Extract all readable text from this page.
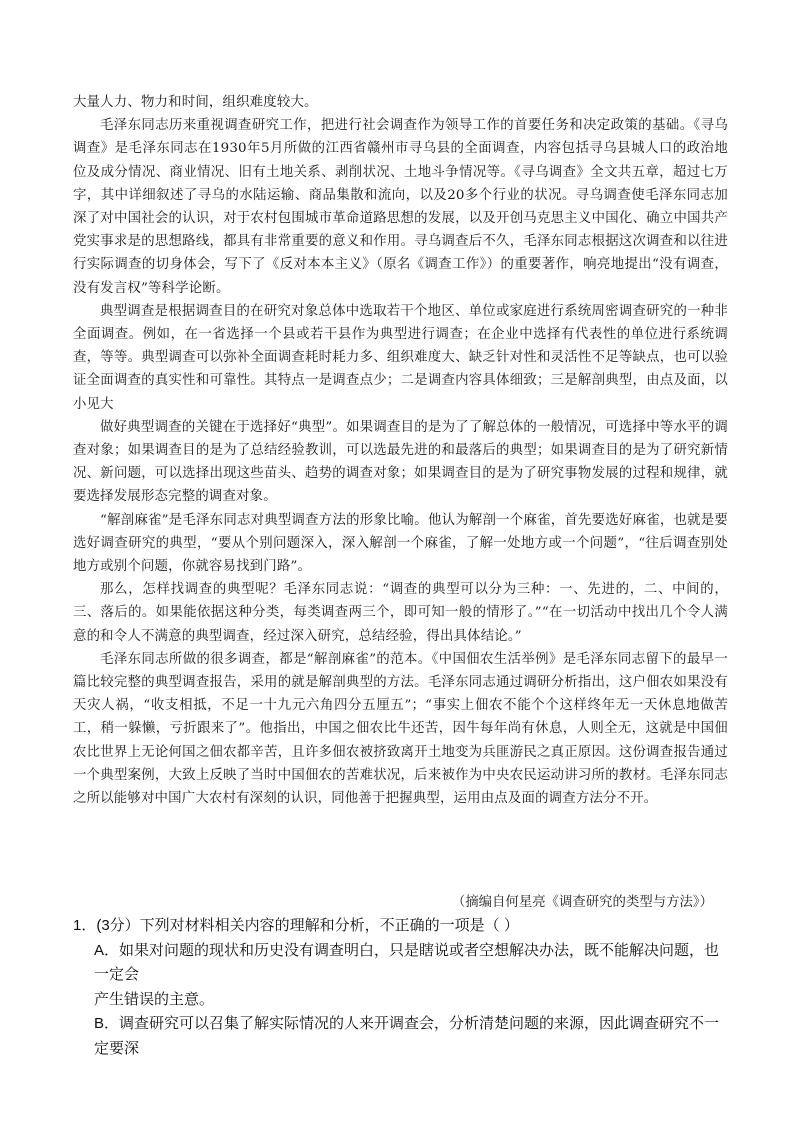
大量人力、物力和时间，组织难度较大。

毛泽东同志历来重视调查研究工作，把进行社会调查作为领导工作的首要任务和决定政策的基础。《寻乌调查》是毛泽东同志在1930年5月所做的江西省赣州市寻乌县的全面调查，内容包括寻乌县城人口的政治地位及成分情况、商业情况、旧有土地关系、剥削状况、土地斗争情况等。《寻乌调查》全文共五章，超过七万字，其中详细叙述了寻乌的水陆运输、商品集散和流向，以及20多个行业的状况。寻乌调查使毛泽东同志加深了对中国社会的认识，对于农村包围城市革命道路思想的发展，以及开创马克思主义中国化、确立中国共产党实事求是的思想路线，都具有非常重要的意义和作用。寻乌调查后不久，毛泽东同志根据这次调查和以往进行实际调查的切身体会，写下了《反对本本主义》（原名《调查工作》）的重要著作，响亮地提出“没有调查，没有发言权”等科学论断。

典型调查是根据调查目的在研究对象总体中选取若干个地区、单位或家庭进行系统周密调查研究的一种非全面调查。例如，在一省选择一个县或若干县作为典型进行调查；在企业中选择有代表性的单位进行系统调查，等等。典型调查可以弥补全面调查耗时耗力多、组织难度大、缺乏针对性和灵活性不足等缺点，也可以验证全面调查的真实性和可靠性。其特点一是调查点少；二是调查内容具体细致；三是解剖典型，由点及面，以小见大

做好典型调查的关键在于选择好“典型”。如果调查目的是为了了解总体的一般情况，可选择中等水平的调查对象；如果调查目的是为了总结经验教训，可以选最先进的和最落后的典型；如果调查目的是为了研究新情况、新问题，可以选择出现这些苗头、趋势的调查对象；如果调查目的是为了研究事物发展的过程和规律，就要选择发展形态完整的调查对象。

“解剖麻雀”是毛泽东同志对典型调查方法的形象比喻。他认为解剖一个麻雀，首先要选好麻雀，也就是要选好调查研究的典型，“要从个别问题深入，深入解剖一个麻雀，了解一处地方或一个问题”，“往后调查别处地方或别个问题，你就容易找到门路”。

那么，怎样找调查的典型呢？毛泽东同志说：“调查的典型可以分为三种：一、先进的，二、中间的，三、落后的。如果能依据这种分类，每类调查两三个，即可知一般的情形了。”“在一切活动中找出几个令人满意的和令人不满意的典型调查，经过深入研究，总结经验，得出具体结论。”

毛泽东同志所做的很多调查，都是“解剖麻雀”的范本。《中国佃农生活举例》是毛泽东同志留下的最早一篇比较完整的典型调查报告，采用的就是解剖典型的方法。毛泽东同志通过调研分析指出，这户佃农如果没有天灾人祸，“收支相抵，不足一十九元六角四分五厘五”；“事实上佃农不能个个这样终年无一天休息地做苦工，稍一躲懒，亏折跟来了”。他指出，中国之佃农比牛还苦，因牛每年尚有休息，人则全无，这就是中国佃农比世界上无论何国之佃农都辛苦，且许多佃农被挤致离开土地变为兵匪游民之真正原因。这份调查报告通过一个典型案例，大致上反映了当时中国佃农的苦难状况，后来被作为中央农民运动讲习所的教材。毛泽东同志之所以能够对中国广大农村有深刻的认识，同他善于把握典型，运用由点及面的调查方法分不开。

（摘编自何星亮《调查研究的类型与方法》）

1．(3分）下列对材料相关内容的理解和分析，不正确的一项是（ ）

A．如果对问题的现状和历史没有调查明白，只是瞎说或者空想解决办法，既不能解决问题，也一定会

产生错误的主意。

B．调查研究可以召集了解实际情况的人来开调查会，分析清楚问题的来源，因此调查研究不一定要深
